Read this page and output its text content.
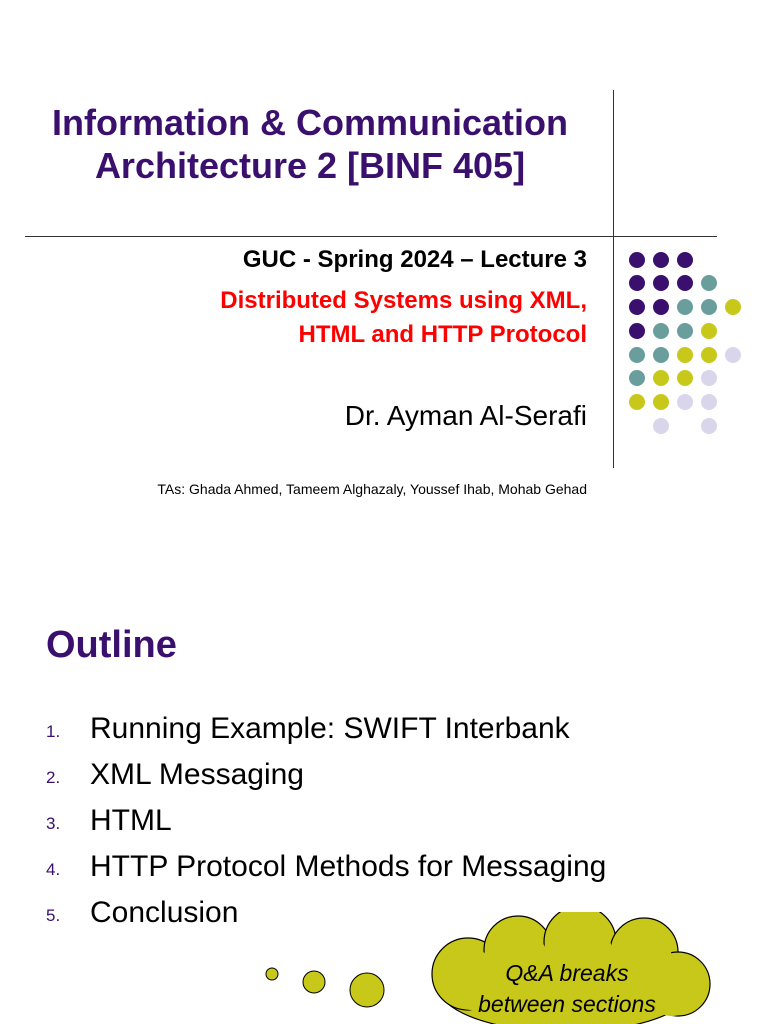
Information & Communication
Architecture 2 [BINF 405]
GUC - Spring 2024 – Lecture 3
Distributed Systems using XML,
HTML and HTTP Protocol
Dr. Ayman Al-Serafi
TAs: Ghada Ahmed, Tameem Alghazaly, Youssef Ihab, Mohab Gehad
Outline
1. Running Example: SWIFT Interbank
2. XML Messaging
3. HTML
4. HTTP Protocol Methods for Messaging
5. Conclusion
Q&A breaks
between sections
